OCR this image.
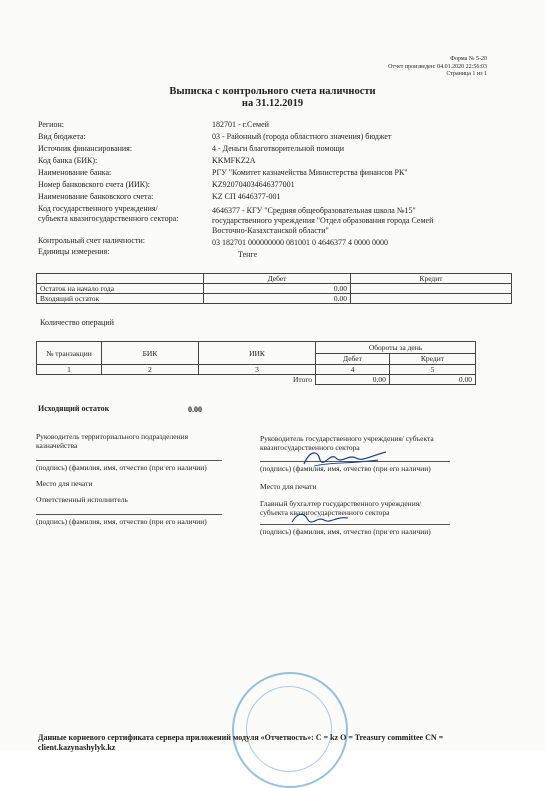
Форма № 5-20
Отчет произведен: 04.01.2020 22:56:03
Страница 1 из 1
Выписка с контрольного счета наличности
на 31.12.2019
Регион:	182701 - г.Семей
Вид бюджета:	03 - Районный (города областного значения) бюджет
Источник финансирования:	4 - Деньги благотворительной помощи
Код банка (БИК):	KKMFKZ2A
Наименование банка:	РГУ "Комитет казначейства Министерства финансов РК"
Номер банковского счета (ИИК):	KZ920704034646377001
Наименование банковского счета:	KZ СП 4646377-001
Код государственного учреждения/
субъекта квазигосударственного сектора:
4646377 - КГУ "Средняя общеобразовательная школа №15"
государственного учреждения "Отдел образования города Семей
Восточно-Казахстанской области"
Контрольный счет наличности:	03 182701 000000000 081001 0 4646377 4 0000 0000
Единицы измерения:	Тенге
	Дебет	Кредит
Остаток на начало года	0.00	
Входящий остаток	0.00	
Количество операций
№ транзакции	БИК	ИИК	Обороты за день	
			Дебет	Кредит
1	2	3	4	5
Итого			0.00	0.00
Исходящий остаток	0.00
Руководитель территориального подразделения
казначейства
(подпись) (фамилия, имя, отчество (при его наличии)
Место для печати
Ответственный исполнитель
(подпись) (фамилия, имя, отчество (при его наличии)
Руководитель государственного учреждения/ субъекта
квазигосударственного сектора
(подпись) (фамилия, имя, отчество (при его наличии)
Место для печати
Главный бухгалтер государственного учреждения/
субъекта квазигосударственного сектора
(подпись) (фамилия, имя, отчество (при его наличии)
Данные корневого сертификата сервера приложений модуля «Отчетность»: C = kz O = Treasury committee CN =
client.kazynashylyk.kz
